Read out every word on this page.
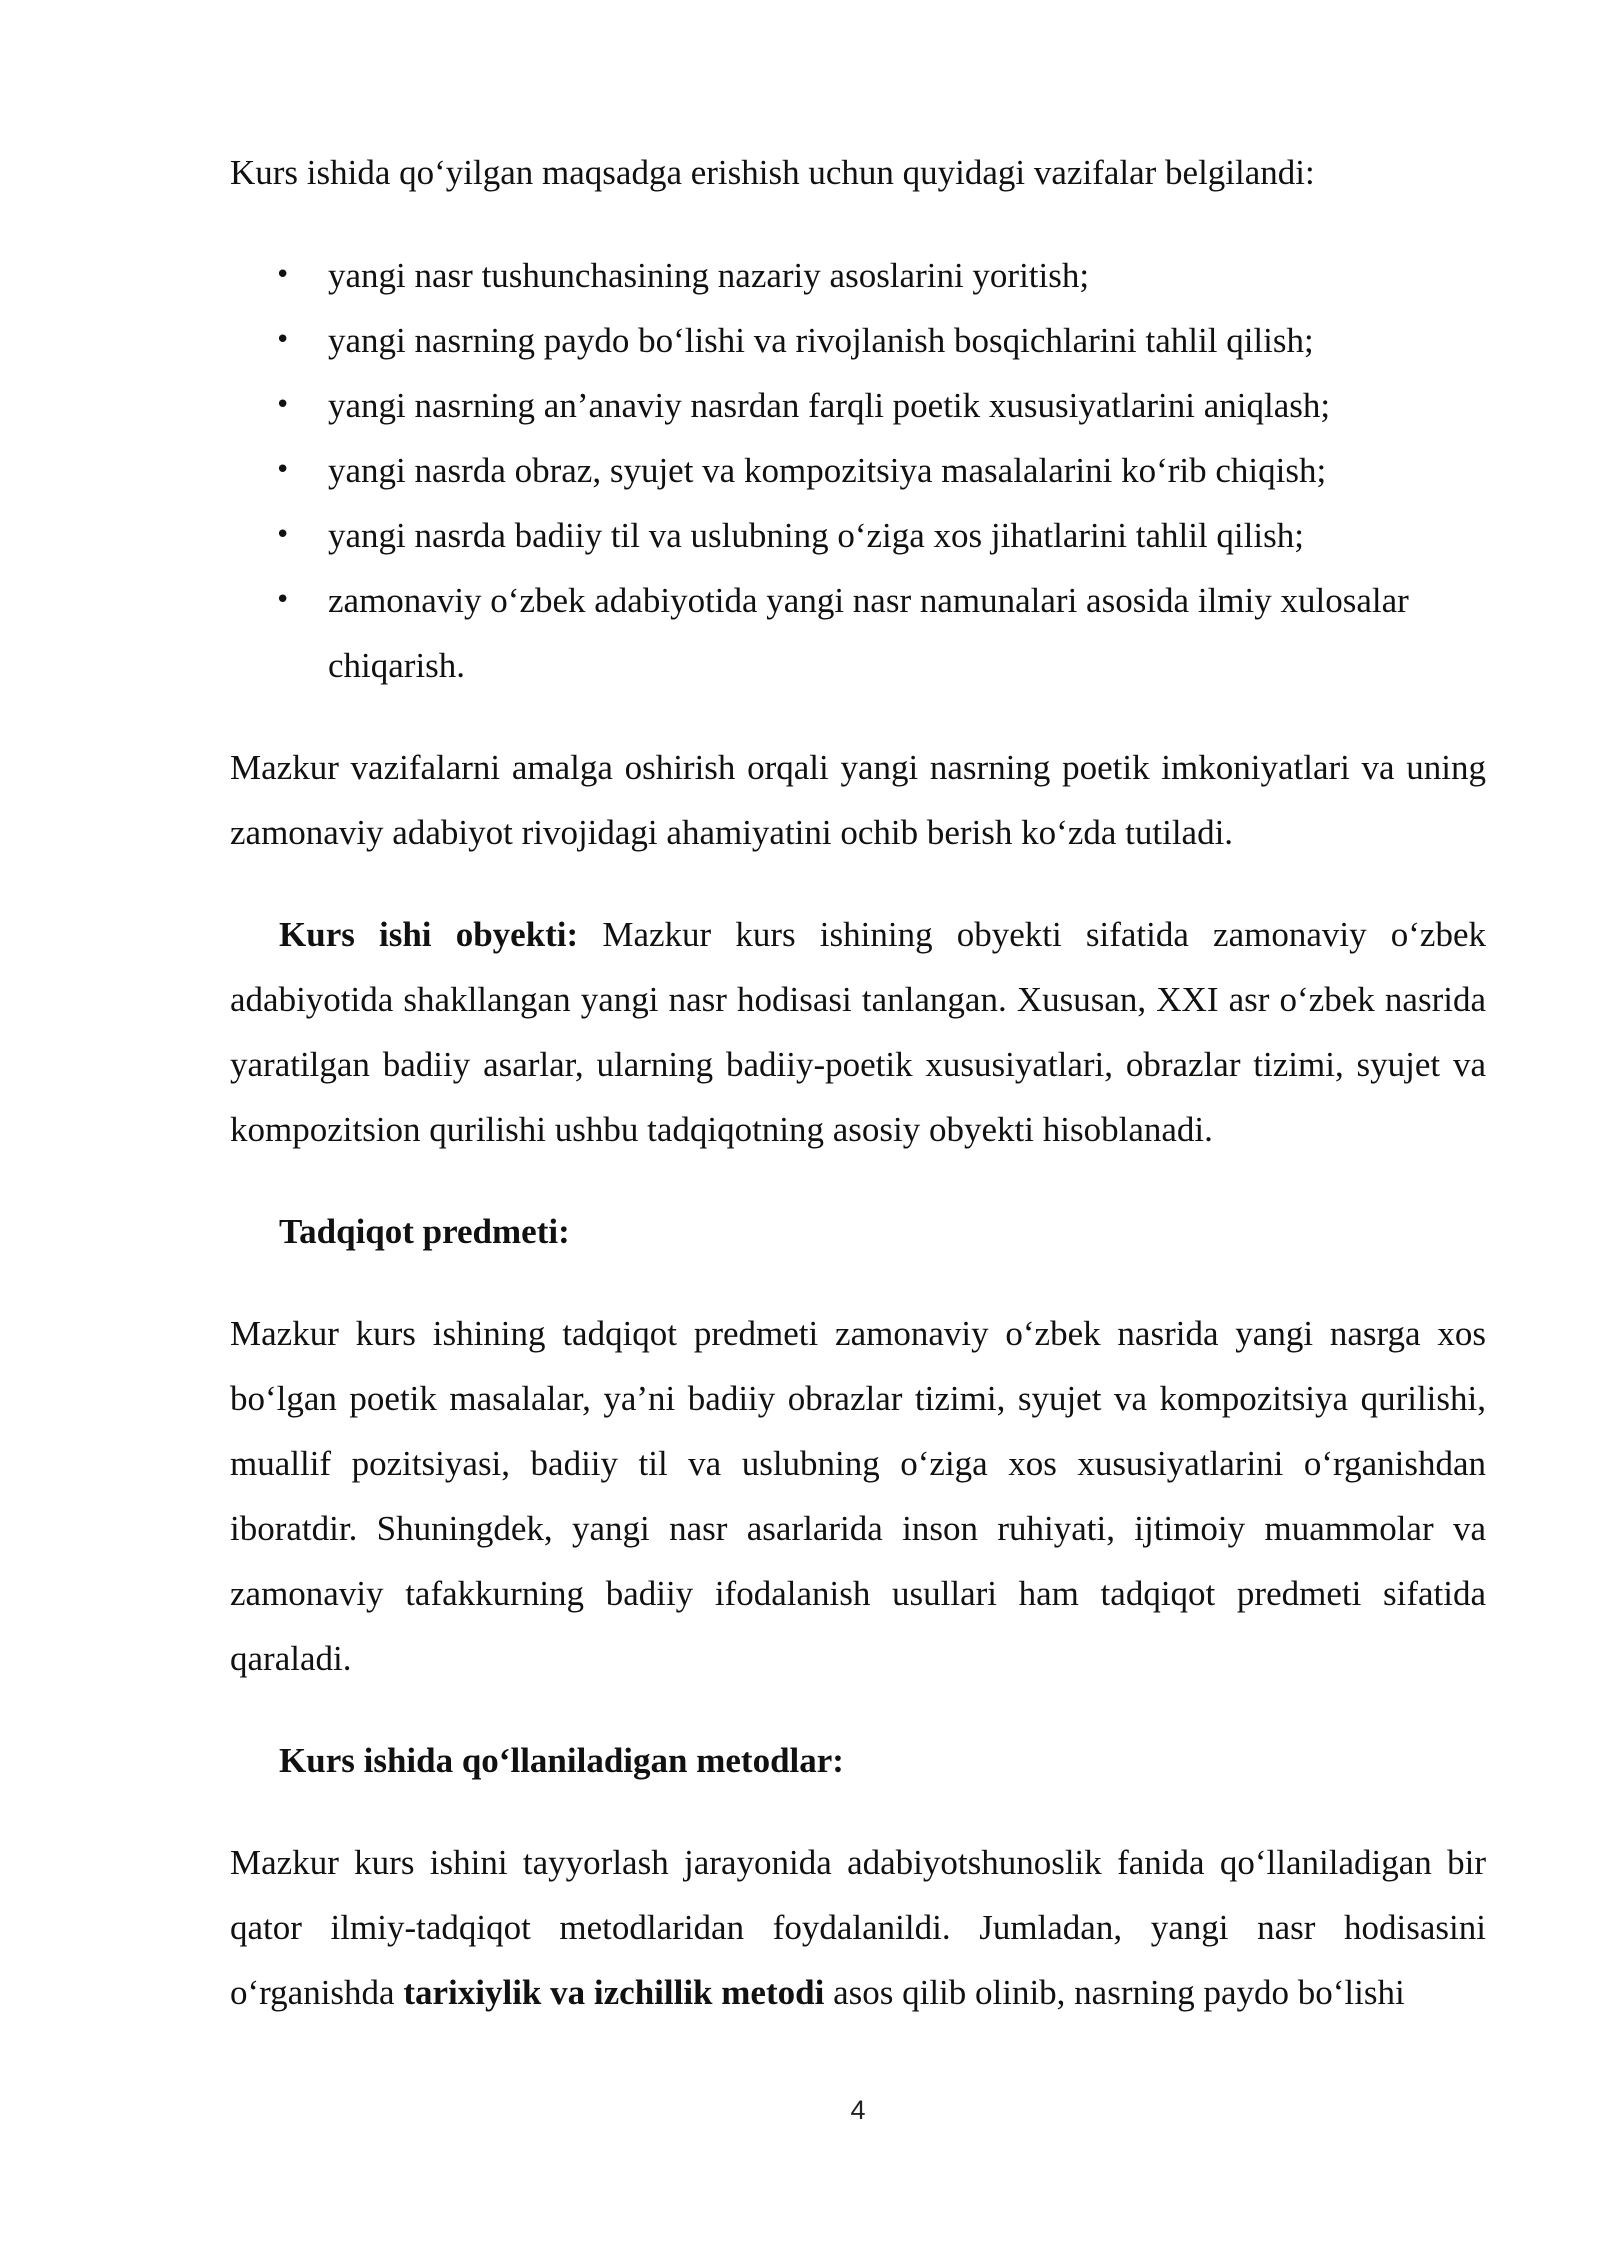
Kurs ishida qo‘yilgan maqsadga erishish uchun quyidagi vazifalar belgilandi:

• yangi nasr tushunchasining nazariy asoslarini yoritish;
• yangi nasrning paydo bo‘lishi va rivojlanish bosqichlarini tahlil qilish;
• yangi nasrning an’anaviy nasrdan farqli poetik xususiyatlarini aniqlash;
• yangi nasrda obraz, syujet va kompozitsiya masalalarini ko‘rib chiqish;
• yangi nasrda badiiy til va uslubning o‘ziga xos jihatlarini tahlil qilish;
• zamonaviy o‘zbek adabiyotida yangi nasr namunalari asosida ilmiy xulosalar chiqarish.

Mazkur vazifalarni amalga oshirish orqali yangi nasrning poetik imkoniyatlari va uning zamonaviy adabiyot rivojidagi ahamiyatini ochib berish ko‘zda tutiladi.

Kurs ishi obyekti: Mazkur kurs ishining obyekti sifatida zamonaviy o‘zbek adabiyotida shakllangan yangi nasr hodisasi tanlangan. Xususan, XXI asr o‘zbek nasrida yaratilgan badiiy asarlar, ularning badiiy-poetik xususiyatlari, obrazlar tizimi, syujet va kompozitsion qurilishi ushbu tadqiqotning asosiy obyekti hisoblanadi.

Tadqiqot predmeti:

Mazkur kurs ishining tadqiqot predmeti zamonaviy o‘zbek nasrida yangi nasrga xos bo‘lgan poetik masalalar, ya’ni badiiy obrazlar tizimi, syujet va kompozitsiya qurilishi, muallif pozitsiyasi, badiiy til va uslubning o‘ziga xos xususiyatlarini o‘rganishdan iboratdir. Shuningdek, yangi nasr asarlarida inson ruhiyati, ijtimoiy muammolar va zamonaviy tafakkurning badiiy ifodalanish usullari ham tadqiqot predmeti sifatida qaraladi.

Kurs ishida qo‘llaniladigan metodlar:

Mazkur kurs ishini tayyorlash jarayonida adabiyotshunoslik fanida qo‘llaniladigan bir qator ilmiy-tadqiqot metodlaridan foydalanildi. Jumladan, yangi nasr hodisasini o‘rganishda tarixiylik va izchillik metodi asos qilib olinib, nasrning paydo bo‘lishi

4
